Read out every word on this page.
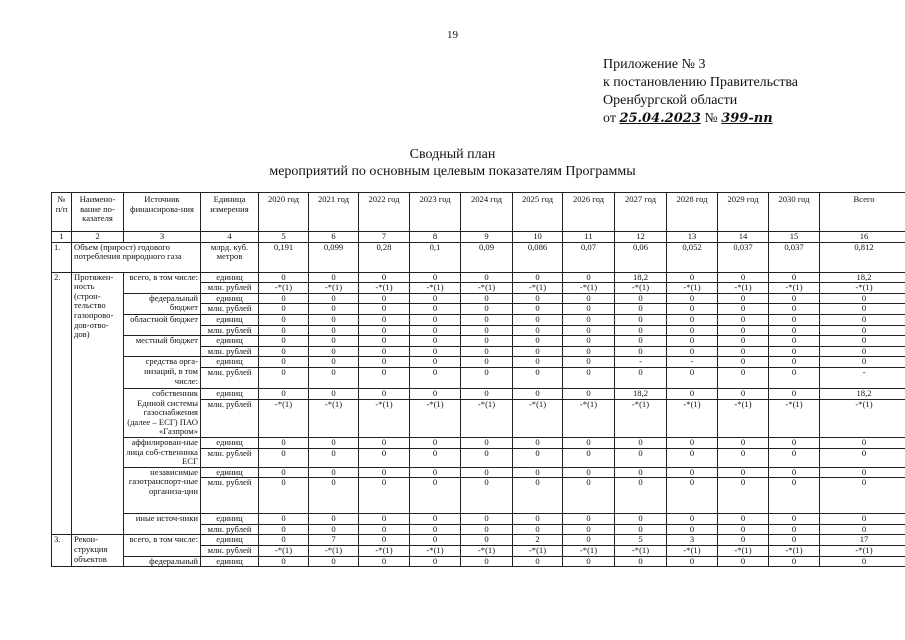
19
Приложение № 3
к постановлению Правительства
Оренбургской области
от 25.04.2023 № 399-пп
Сводный план
мероприятий по основным целевым показателям Программы
№ п/п	Наимено-вание по-казателя	Источник финансирова-ния	Единица измерения	2020 год	2021 год	2022 год	2023 год	2024 год	2025 год	2026 год	2027 год	2028 год	2029 год	2030 год	Всего
1	2	3	4	5	6	7	8	9	10	11	12	13	14	15	16
1.	Объем (прирост) годового потребления природного газа		млрд. куб. метров	0,191	0,099	0,28	0,1	0,09	0,086	0,07	0,06	0,052	0,037	0,037	0,812
2.	Протяжен-ность (строн-тельство газопрово-дов-отво-дов)	всего, в том числе:	единиц	0	0	0	0	0	0	0	18,2	0	0	0	18,2
			млн. рублей	-*(1)	-*(1)	-*(1)	-*(1)	-*(1)	-*(1)	-*(1)	-*(1)	-*(1)	-*(1)	-*(1)	-*(1)
		федеральный бюджет	единиц	0	0	0	0	0	0	0	0	0	0	0	0
			млн. рублей	0	0	0	0	0	0	0	0	0	0	0	0
		областной бюджет	единиц	0	0	0	0	0	0	0	0	0	0	0	0
			млн. рублей	0	0	0	0	0	0	0	0	0	0	0	0
		местный бюджет	единиц	0	0	0	0	0	0	0	0	0	0	0	0
			млн. рублей	0	0	0	0	0	0	0	0	0	0	0	0
		средства орга-низаций, в том числе:	единиц	0	0	0	0	0	0	0	-	-	0	0	0
			млн. рублей	0	0	0	0	0	0	0	0	0	0	0	-
		собственник Единой системы газоснабжения (далее – ЕСГ) ПАО «Газпром»	единиц	0	0	0	0	0	0	0	18,2	0	0	0	18,2
			млн. рублей	-*(1)	-*(1)	-*(1)	-*(1)	-*(1)	-*(1)	-*(1)	-*(1)	-*(1)	-*(1)	-*(1)	-*(1)
		аффилирован-ные лица соб-ственника ЕСГ	единиц	0	0	0	0	0	0	0	0	0	0	0	0
			млн. рублей	0	0	0	0	0	0	0	0	0	0	0	0
		независимые газотранспорт-ные организа-ции	единиц	0	0	0	0	0	0	0	0	0	0	0	0
			млн. рублей	0	0	0	0	0	0	0	0	0	0	0	0
		иные источ-ники	единиц	0	0	0	0	0	0	0	0	0	0	0	0
			млн. рублей	0	0	0	0	0	0	0	0	0	0	0	0
3.	Рекон-струкция объектов	всего, в том числе:	единиц	0	7	0	0	0	2	0	5	3	0	0	17
			млн. рублей	-*(1)	-*(1)	-*(1)	-*(1)	-*(1)	-*(1)	-*(1)	-*(1)	-*(1)	-*(1)	-*(1)	-*(1)
		федеральный	единиц	0	0	0	0	0	0	0	0	0	0	0	0
